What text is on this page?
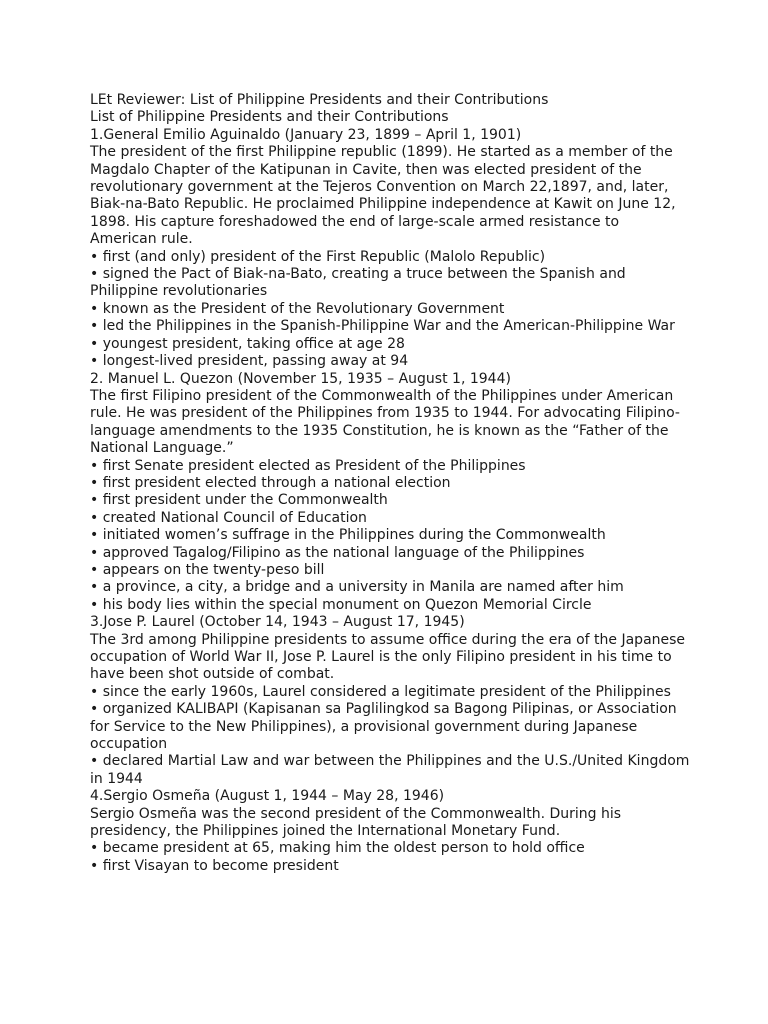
LEt Reviewer: List of Philippine Presidents and their Contributions

List of Philippine Presidents and their Contributions

1.General Emilio Aguinaldo (January 23, 1899 – April 1, 1901)

The president of the first Philippine republic (1899). He started as a member of the Magdalo Chapter of the Katipunan in Cavite, then was elected president of the revolutionary government at the Tejeros Convention on March 22,1897, and, later, Biak-na-Bato Republic. He proclaimed Philippine independence at Kawit on June 12, 1898. His capture foreshadowed the end of large-scale armed resistance to American rule.

• first (and only) president of the First Republic (Malolo Republic)

• signed the Pact of Biak-na-Bato, creating a truce between the Spanish and Philippine revolutionaries

• known as the President of the Revolutionary Government

• led the Philippines in the Spanish-Philippine War and the American-Philippine War

• youngest president, taking office at age 28

• longest-lived president, passing away at 94

2. Manuel L. Quezon (November 15, 1935 – August 1, 1944)

The first Filipino president of the Commonwealth of the Philippines under American rule. He was president of the Philippines from 1935 to 1944. For advocating Filipino-language amendments to the 1935 Constitution, he is known as the “Father of the National Language.”

• first Senate president elected as President of the Philippines

• first president elected through a national election

• first president under the Commonwealth

• created National Council of Education

• initiated women’s suffrage in the Philippines during the Commonwealth

• approved Tagalog/Filipino as the national language of the Philippines

• appears on the twenty-peso bill

• a province, a city, a bridge and a university in Manila are named after him

• his body lies within the special monument on Quezon Memorial Circle

3.Jose P. Laurel (October 14, 1943 – August 17, 1945)

The 3rd among Philippine presidents to assume office during the era of the Japanese occupation of World War II, Jose P. Laurel is the only Filipino president in his time to have been shot outside of combat.

• since the early 1960s, Laurel considered a legitimate president of the Philippines

• organized KALIBAPI (Kapisanan sa Paglilingkod sa Bagong Pilipinas, or Association for Service to the New Philippines), a provisional government during Japanese occupation

• declared Martial Law and war between the Philippines and the U.S./United Kingdom in 1944

4.Sergio Osmeña (August 1, 1944 – May 28, 1946)

Sergio Osmeña was the second president of the Commonwealth. During his presidency, the Philippines joined the International Monetary Fund.

• became president at 65, making him the oldest person to hold office

• first Visayan to become president
